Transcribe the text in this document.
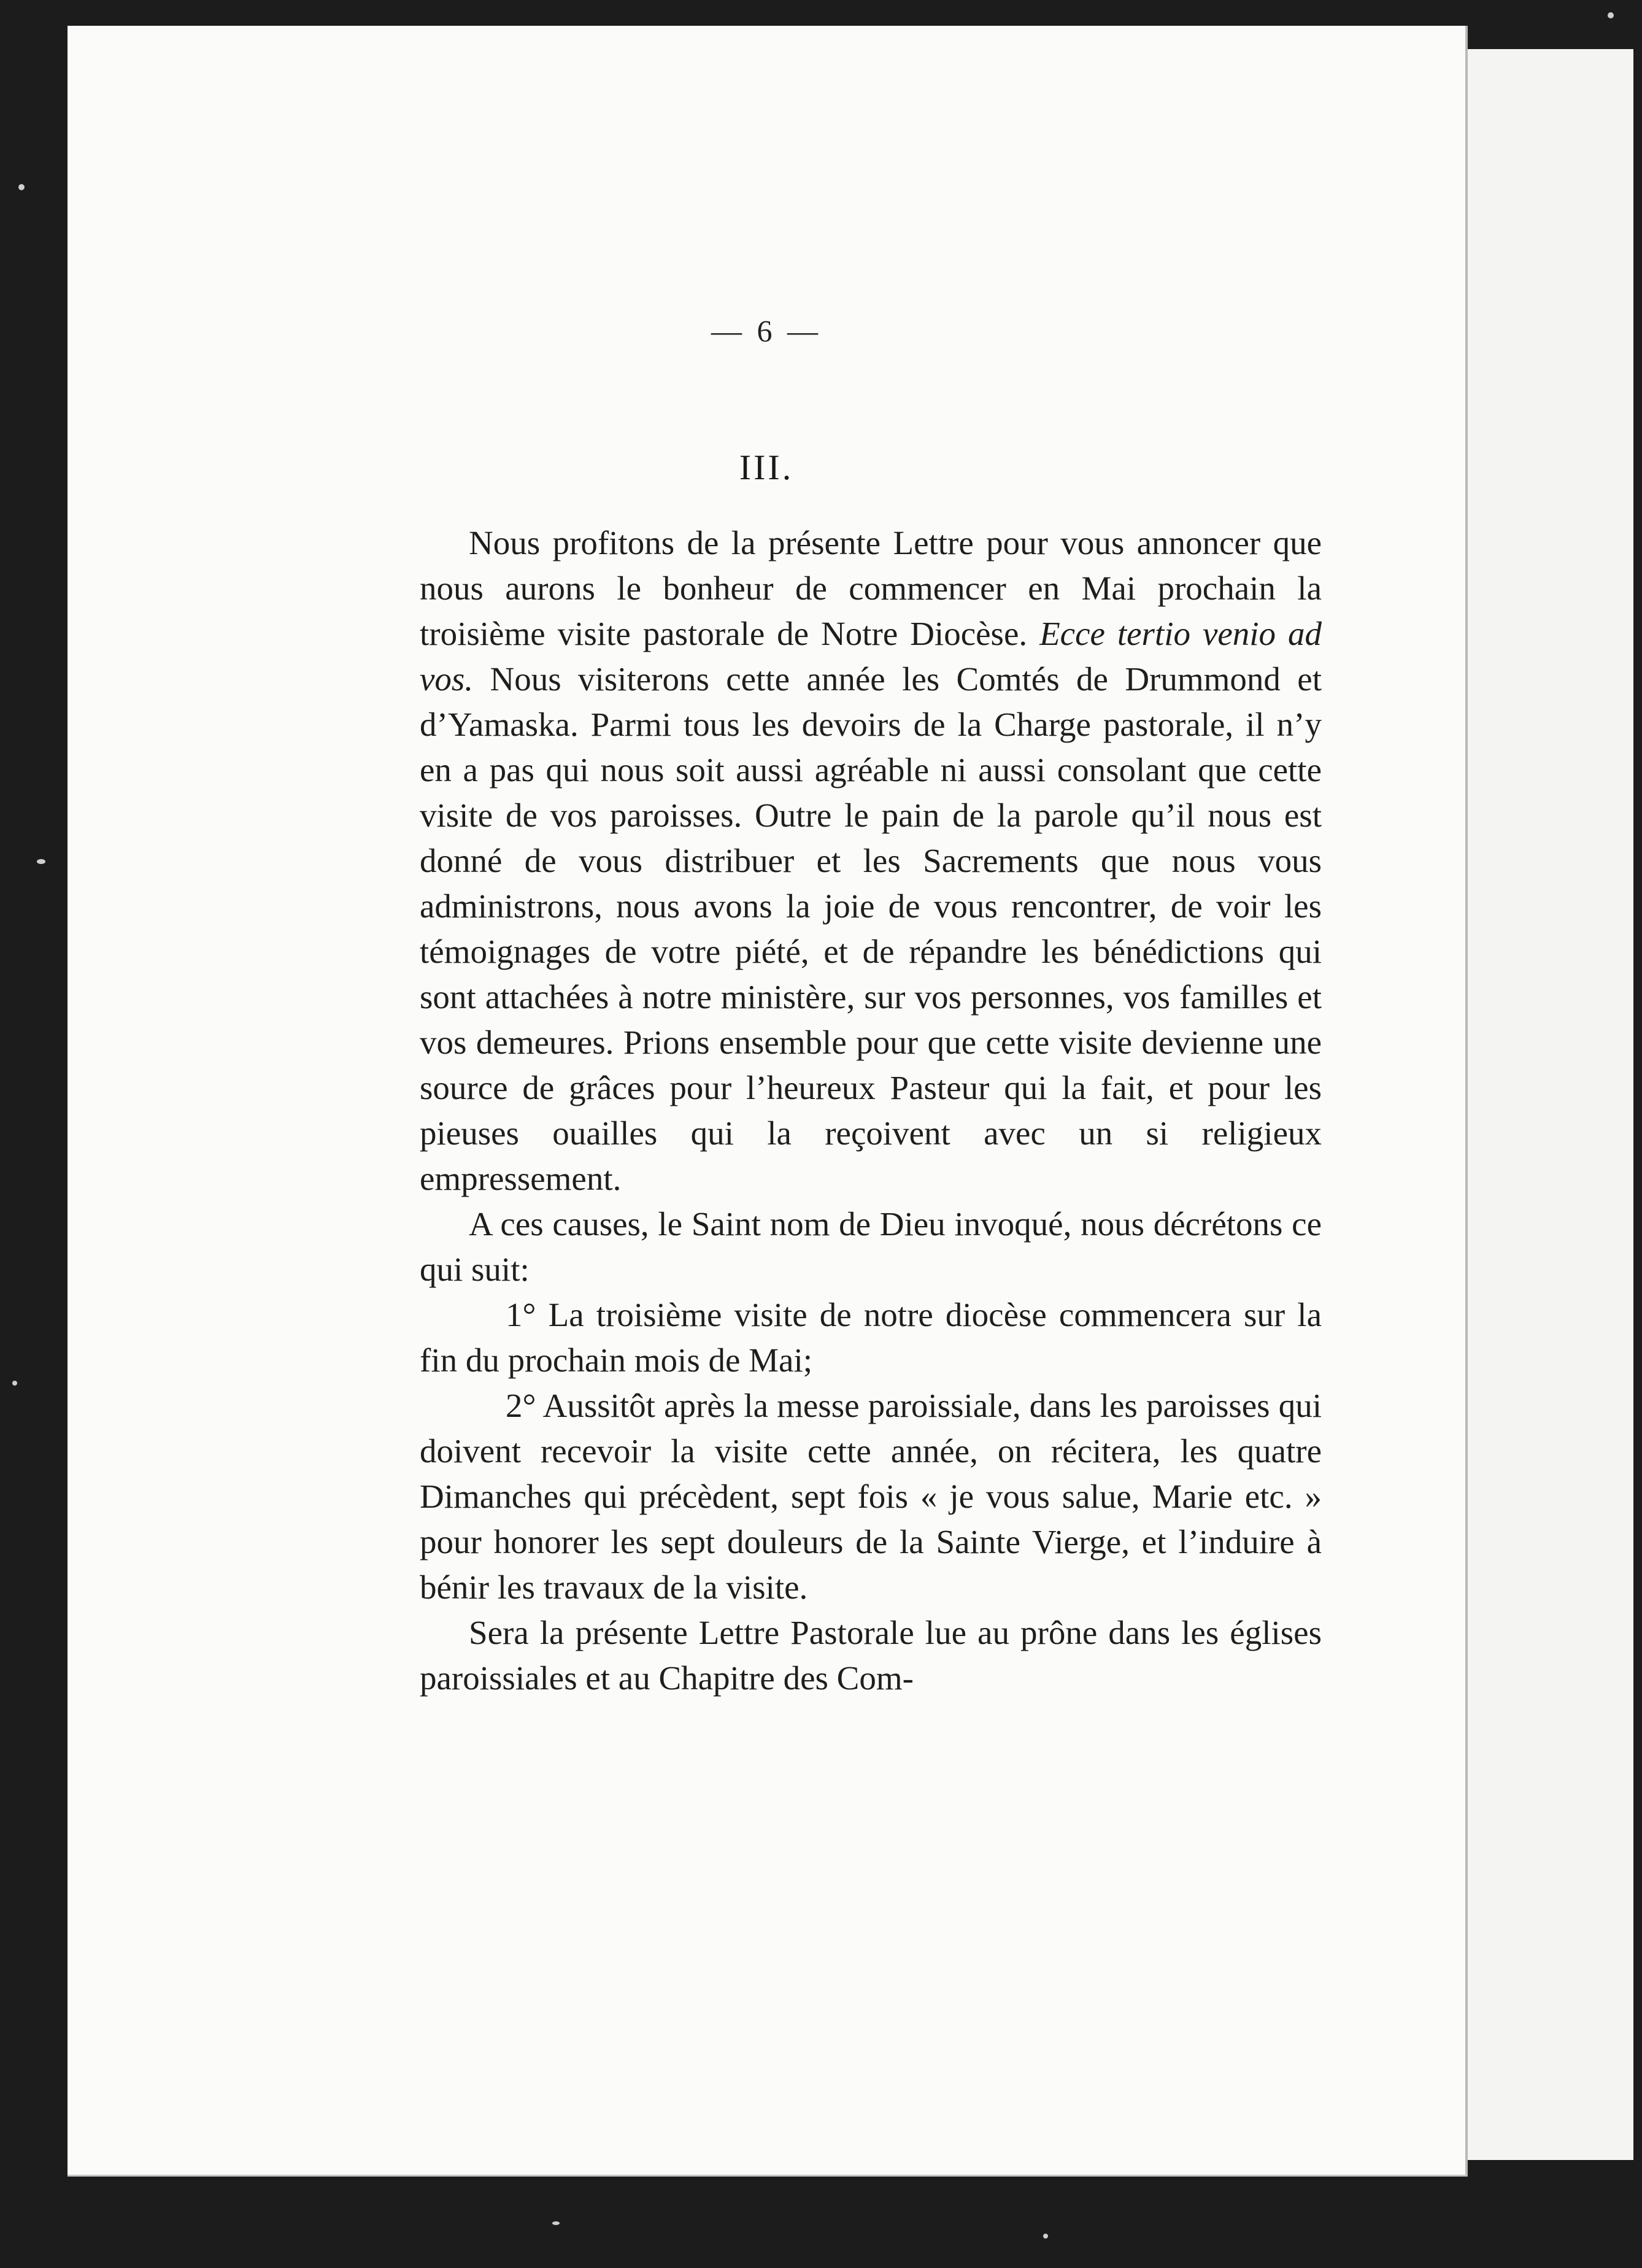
— 6 —
III.

Nous profitons de la présente Lettre pour vous annoncer que nous aurons le bonheur de commencer en Mai prochain la troisième visite pastorale de Notre Diocèse. Ecce tertio venio ad vos. Nous visiterons cette année les Comtés de Drummond et d’Yamaska. Parmi tous les devoirs de la Charge pastorale, il n’y en a pas qui nous soit aussi agréable ni aussi consolant que cette visite de vos paroisses. Outre le pain de la parole qu’il nous est donné de vous distribuer et les Sacrements que nous vous administrons, nous avons la joie de vous rencontrer, de voir les témoignages de votre piété, et de répandre les bénédictions qui sont attachées à notre ministère, sur vos personnes, vos familles et vos demeures. Prions ensemble pour que cette visite devienne une source de grâces pour l’heureux Pasteur qui la fait, et pour les pieuses ouailles qui la reçoivent avec un si religieux empressement.

A ces causes, le Saint nom de Dieu invoqué, nous décrétons ce qui suit:

1° La troisième visite de notre diocèse commencera sur la fin du prochain mois de Mai;

2° Aussitôt après la messe paroissiale, dans les paroisses qui doivent recevoir la visite cette année, on récitera, les quatre Dimanches qui précèdent, sept fois « je vous salue, Marie etc. » pour honorer les sept douleurs de la Sainte Vierge, et l’induire à bénir les travaux de la visite.

Sera la présente Lettre Pastorale lue au prône dans les églises paroissiales et au Chapitre des Com-
